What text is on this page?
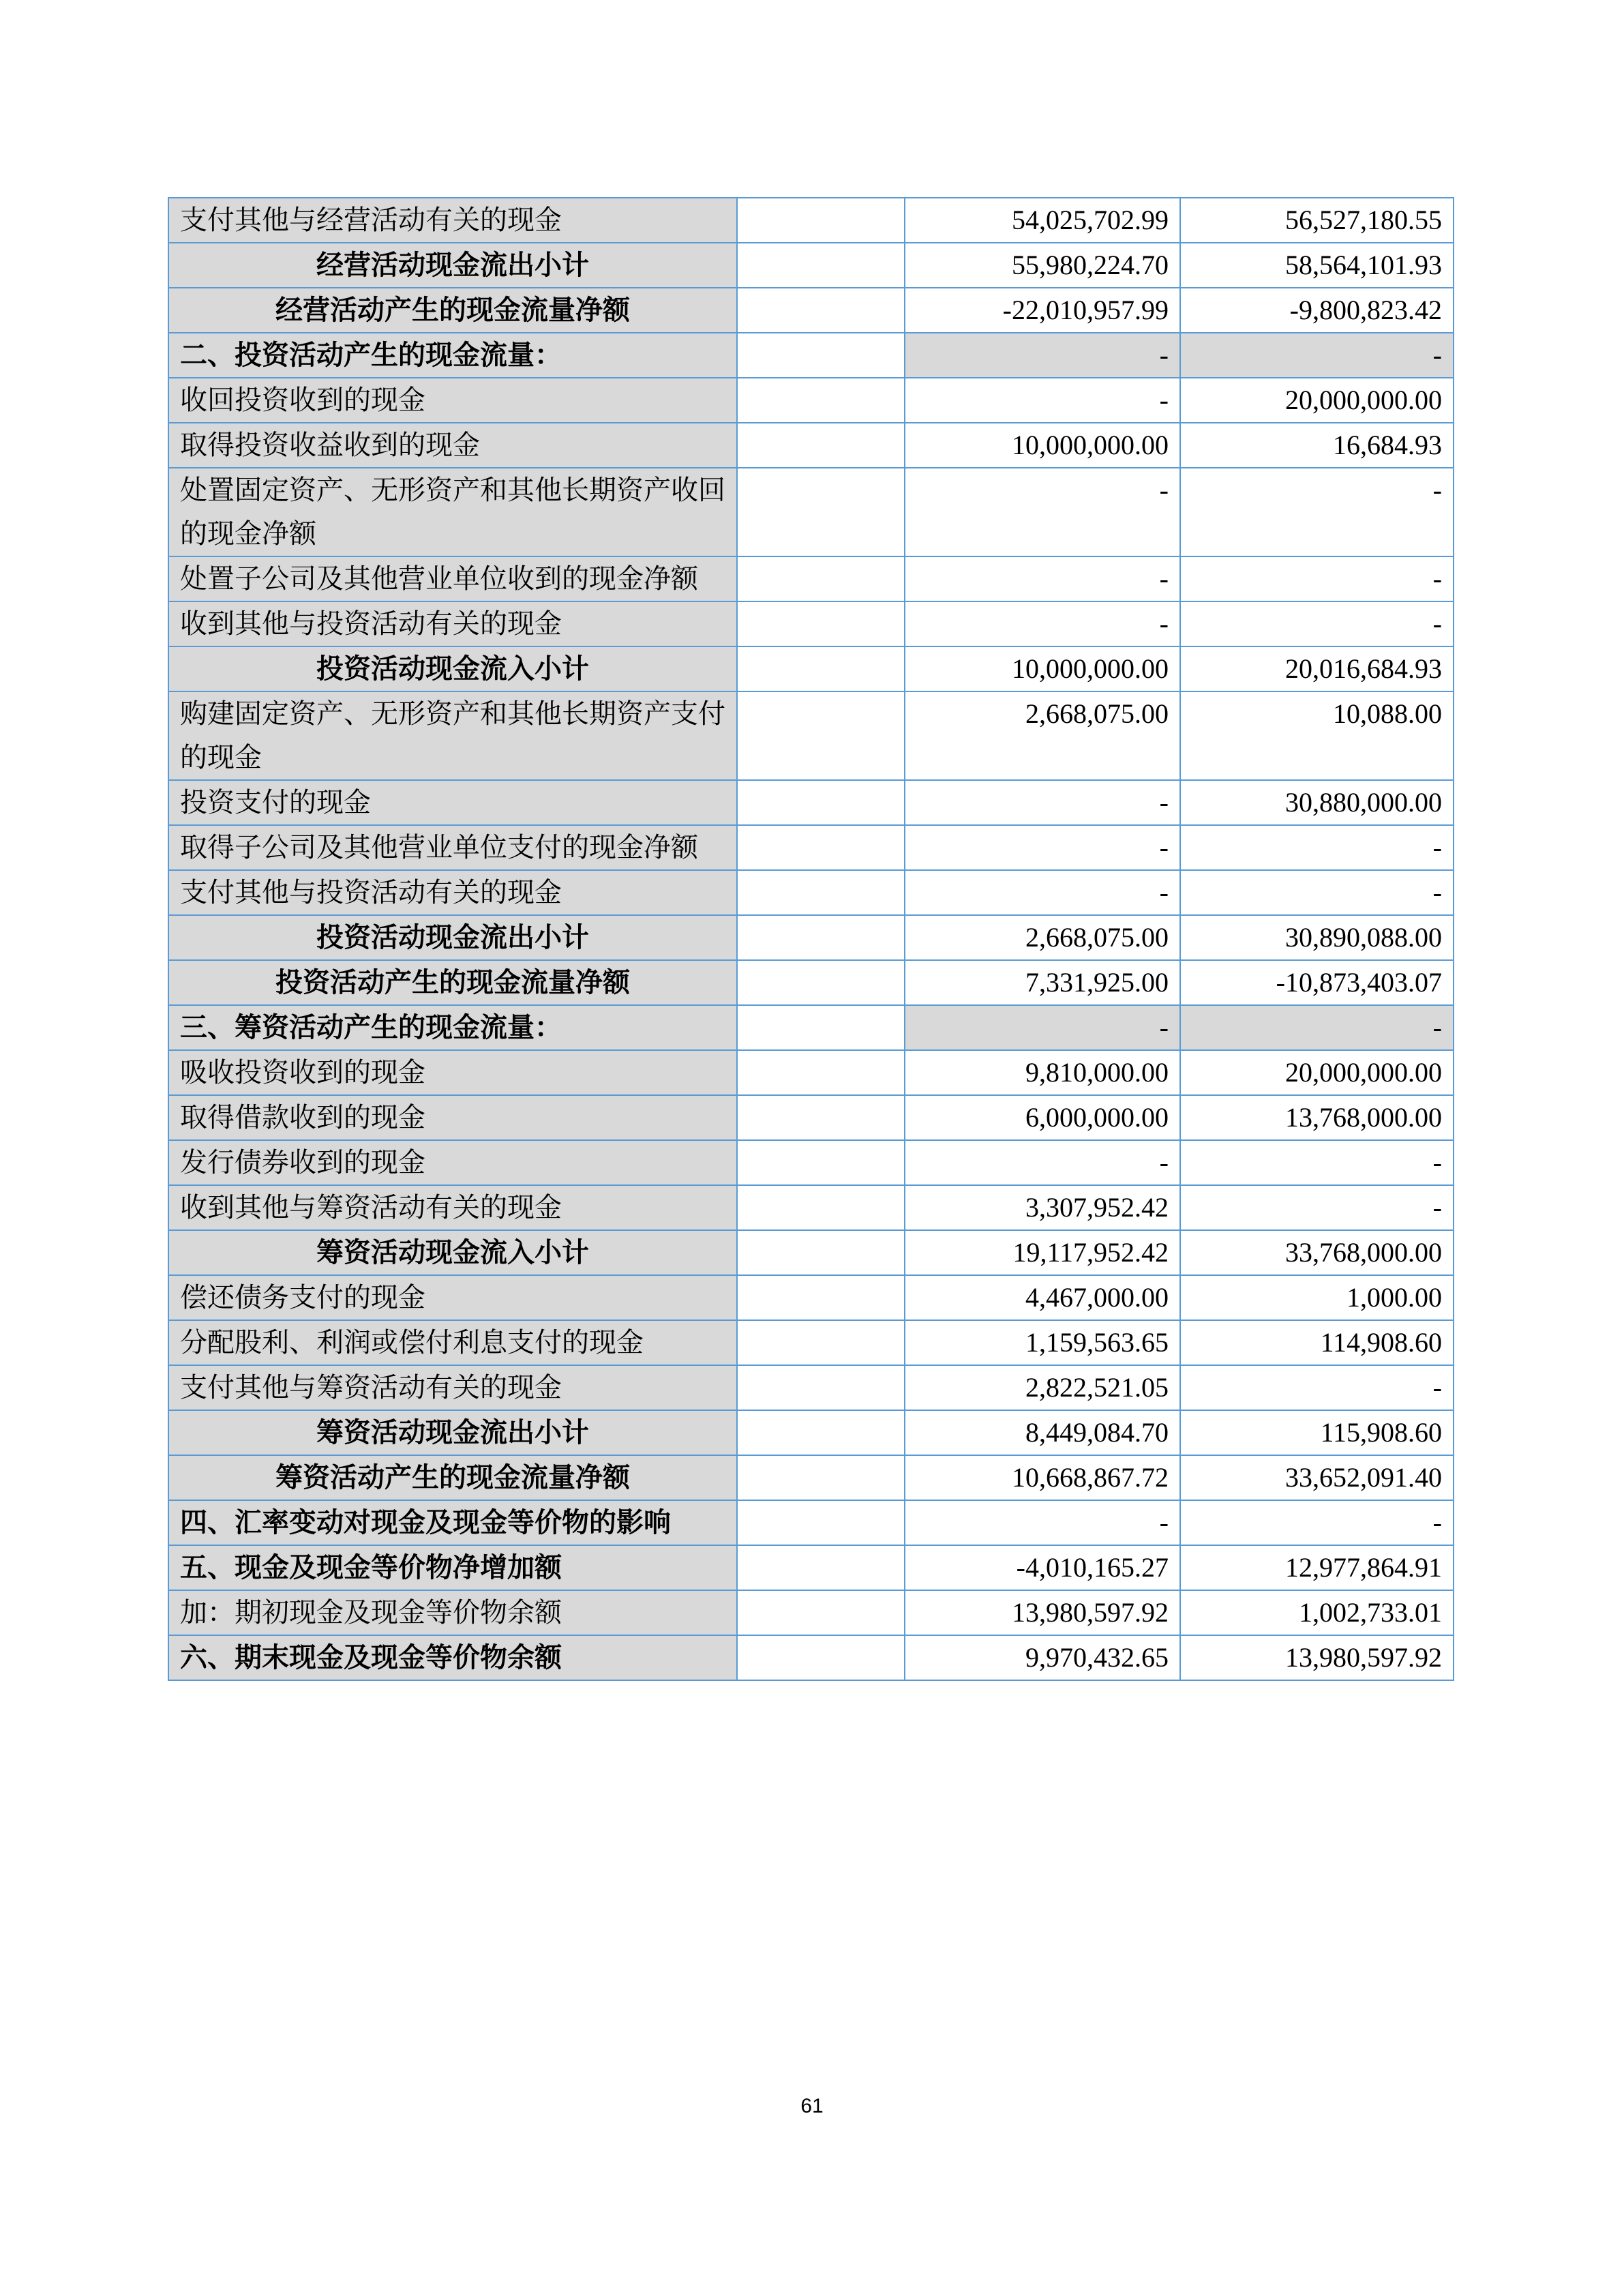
支付其他与经营活动有关的现金		54,025,702.99	56,527,180.55
经营活动现金流出小计		55,980,224.70	58,564,101.93
经营活动产生的现金流量净额		-22,010,957.99	-9,800,823.42
二、投资活动产生的现金流量：		-	-
收回投资收到的现金		-	20,000,000.00
取得投资收益收到的现金		10,000,000.00	16,684.93
处置固定资产、无形资产和其他长期资产收回的现金净额		-	-
处置子公司及其他营业单位收到的现金净额		-	-
收到其他与投资活动有关的现金		-	-
投资活动现金流入小计		10,000,000.00	20,016,684.93
购建固定资产、无形资产和其他长期资产支付的现金		2,668,075.00	10,088.00
投资支付的现金		-	30,880,000.00
取得子公司及其他营业单位支付的现金净额		-	-
支付其他与投资活动有关的现金		-	-
投资活动现金流出小计		2,668,075.00	30,890,088.00
投资活动产生的现金流量净额		7,331,925.00	-10,873,403.07
三、筹资活动产生的现金流量：		-	-
吸收投资收到的现金		9,810,000.00	20,000,000.00
取得借款收到的现金		6,000,000.00	13,768,000.00
发行债券收到的现金		-	-
收到其他与筹资活动有关的现金		3,307,952.42	-
筹资活动现金流入小计		19,117,952.42	33,768,000.00
偿还债务支付的现金		4,467,000.00	1,000.00
分配股利、利润或偿付利息支付的现金		1,159,563.65	114,908.60
支付其他与筹资活动有关的现金		2,822,521.05	-
筹资活动现金流出小计		8,449,084.70	115,908.60
筹资活动产生的现金流量净额		10,668,867.72	33,652,091.40
四、汇率变动对现金及现金等价物的影响		-	-
五、现金及现金等价物净增加额		-4,010,165.27	12,977,864.91
加：期初现金及现金等价物余额		13,980,597.92	1,002,733.01
六、期末现金及现金等价物余额		9,970,432.65	13,980,597.92
61
